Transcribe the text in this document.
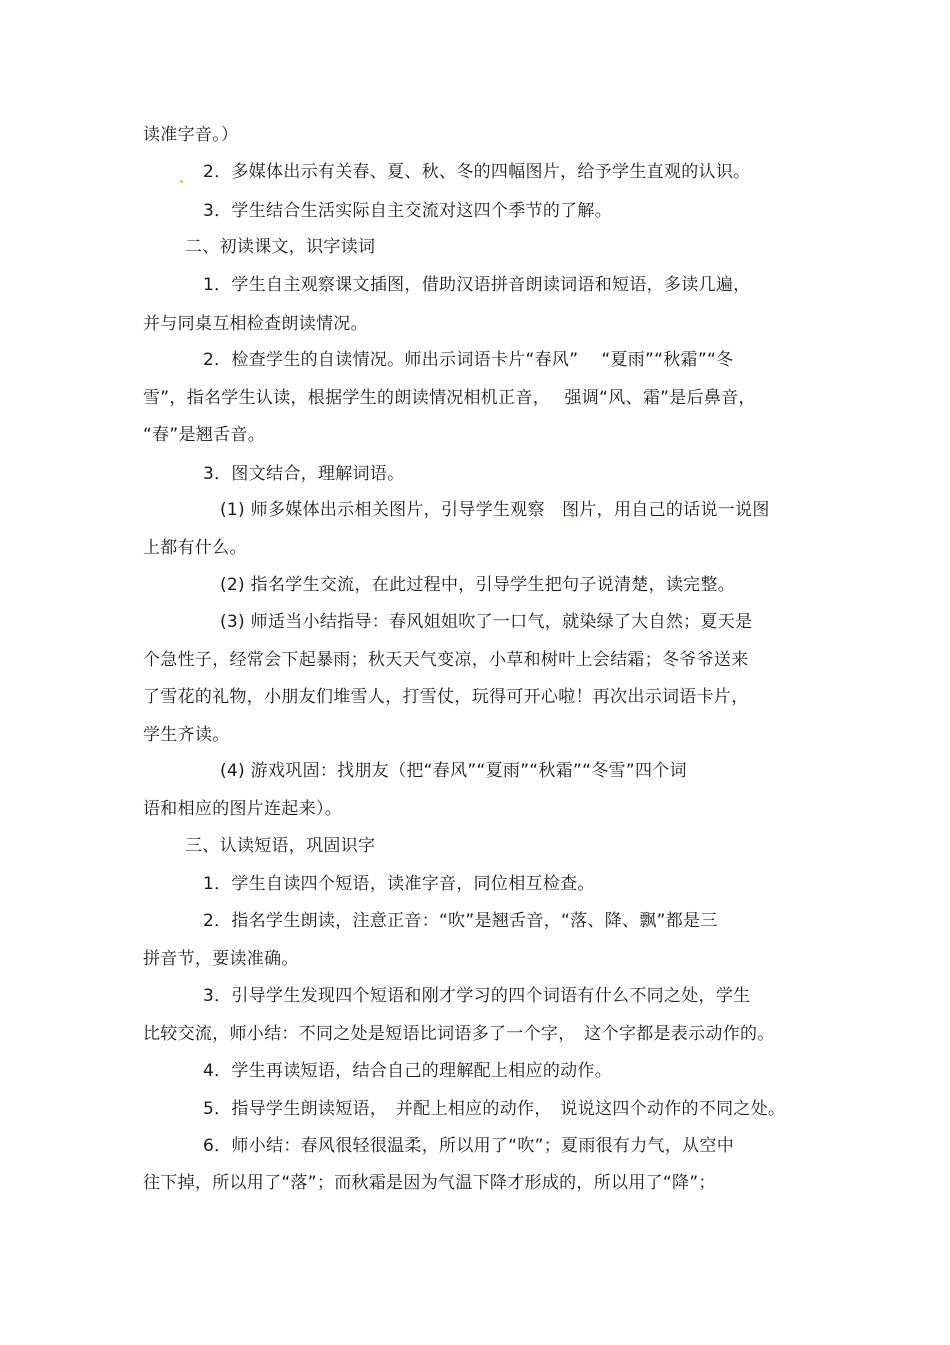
读准字音。）
2．多媒体出示有关春、夏、秋、冬的四幅图片，给予学生直观的认识。
3．学生结合生活实际自主交流对这四个季节的了解。
二、初读课文，识字读词
1．学生自主观察课文插图，借助汉语拼音朗读词语和短语，多读几遍，
并与同桌互相检查朗读情况。
2．检查学生的自读情况。师出示词语卡片“春风”　 “夏雨”“秋霜”“冬
雪”，指名学生认读，根据学生的朗读情况相机正音，　 强调“风、霜”是后鼻音，
“春”是翘舌音。
3．图文结合，理解词语。
(1) 师多媒体出示相关图片，引导学生观察　图片，用自己的话说一说图
上都有什么。
(2) 指名学生交流，在此过程中，引导学生把句子说清楚，读完整。
(3) 师适当小结指导：春风姐姐吹了一口气，就染绿了大自然；夏天是
个急性子，经常会下起暴雨；秋天天气变凉，小草和树叶上会结霜；冬爷爷送来
了雪花的礼物，小朋友们堆雪人，打雪仗，玩得可开心啦！再次出示词语卡片，
学生齐读。
(4) 游戏巩固：找朋友（把“春风”“夏雨”“秋霜”“冬雪”四个词
语和相应的图片连起来）。
三、认读短语，巩固识字
1．学生自读四个短语，读准字音，同位相互检查。
2．指名学生朗读，注意正音：“吹”是翘舌音，“落、降、飘”都是三
拼音节，要读准确。
3．引导学生发现四个短语和刚才学习的四个词语有什么不同之处，学生
比较交流，师小结：不同之处是短语比词语多了一个字，　这个字都是表示动作的。
4．学生再读短语，结合自己的理解配上相应的动作。
5．指导学生朗读短语，　并配上相应的动作，　说说这四个动作的不同之处。
6．师小结：春风很轻很温柔，所以用了“吹”；夏雨很有力气，从空中
往下掉，所以用了“落”；而秋霜是因为气温下降才形成的，所以用了“降”；
